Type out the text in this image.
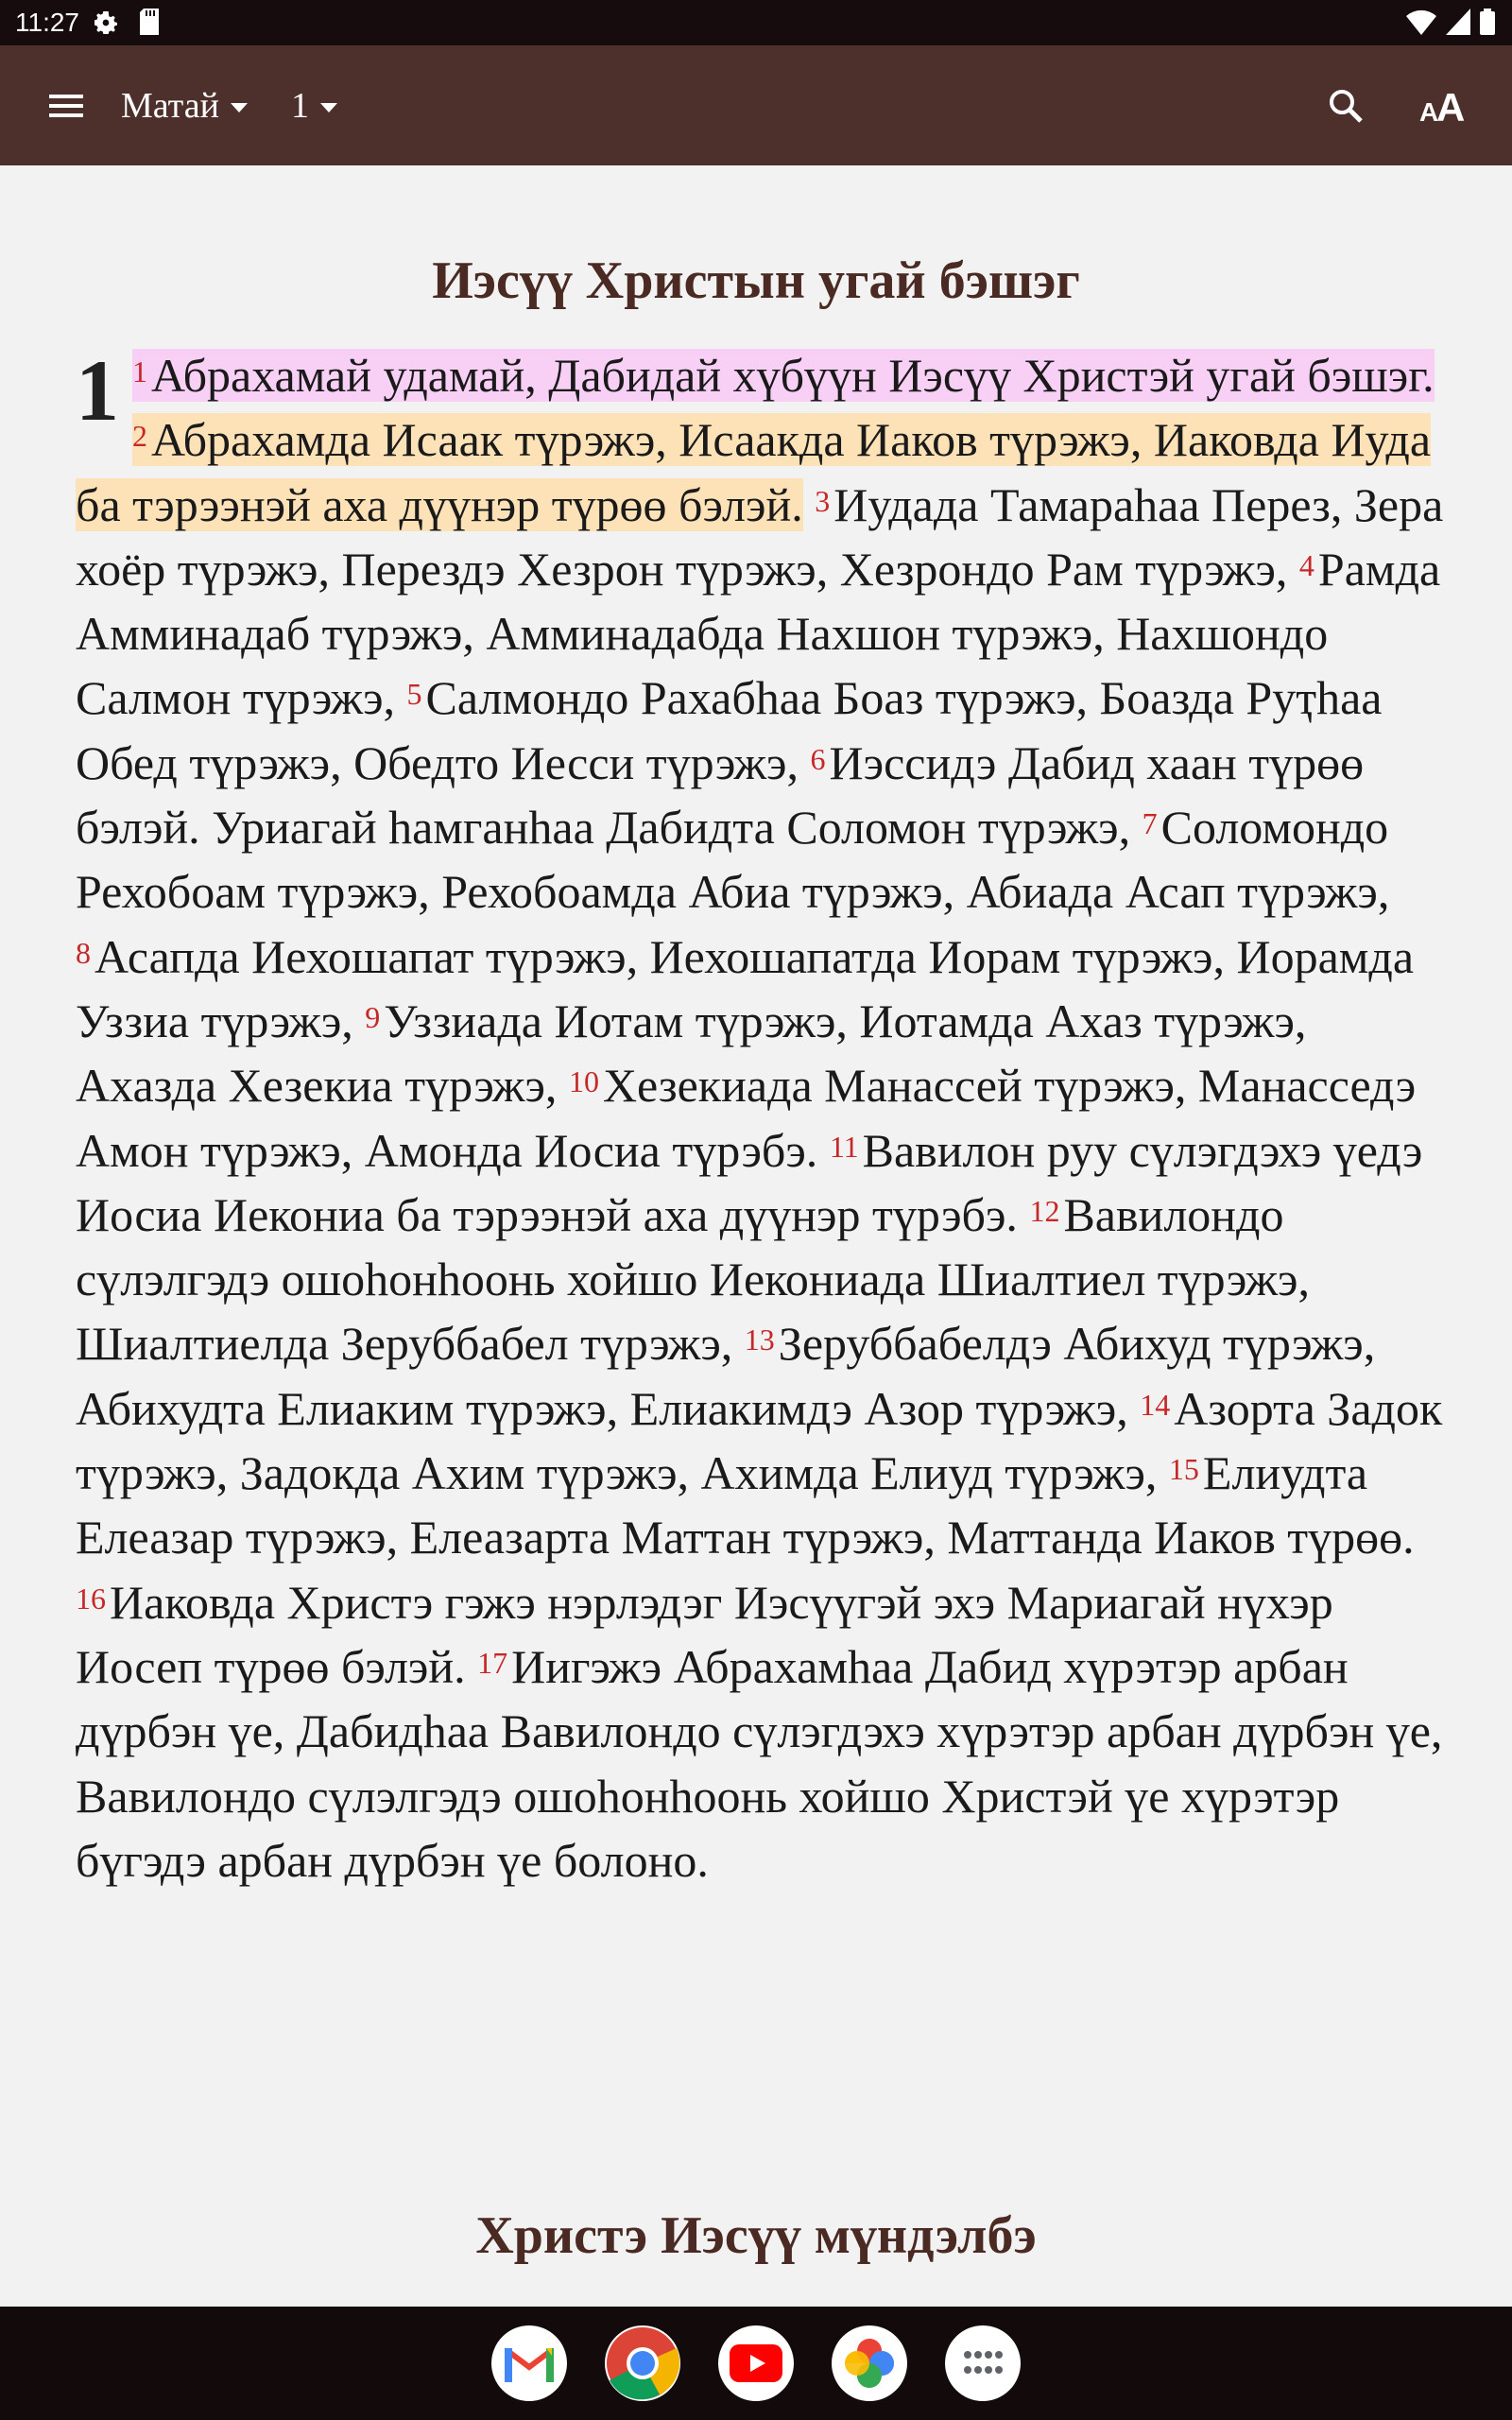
11:27
Матай 1	A
A
Иэсүү Христын угай бэшэг
1 $^1$Абрахамай удамай, Дабидай хүбүүн Иэсүү Христэй угай бэшэг. $^2$Абрахамда Исаак түрэжэ, Исаакда Иаков түрэжэ, Иаковда Иуда ба тэрээнэй аха дүүнэр түрөө бэлэй. $^3$Иудада Тамараһаа Перез, Зера хоёр түрэжэ, Перездэ Хезрон түрэжэ, Хезрондо Рам түрэжэ, $^4$Рамда Амминадаб түрэжэ, Амминадабда Нахшон түрэжэ, Нахшондо Салмон түрэжэ, $^5$Салмондо Рахабһаа Боаз түрэжэ, Боазда Руҭһаа Обед түрэжэ, Обедто Иесси түрэжэ, $^6$Иэссидэ Дабид хаан түрөө бэлэй. Уриагай һамганһаа Дабидта Соломон түрэжэ, $^7$Соломондо Рехобоам түрэжэ, Рехобоамда Абиа түрэжэ, Абиада Асап түрэжэ, $^8$Асапда Иехошапат түрэжэ, Иехошапатда Иорам түрэжэ, Иорамда Уззиа түрэжэ, $^9$Уззиада Иотам түрэжэ, Иотамда Ахаз түрэжэ, Ахазда Хезекиа түрэжэ, $^{10}$Хезекиада Манассей түрэжэ, Манасседэ Амон түрэжэ, Амонда Иосиа түрэбэ. $^{11}$Вавилон руу сүлэгдэхэ үедэ Иосиа Иекониа ба тэрээнэй аха дүүнэр түрэбэ. $^{12}$Вавилондо сүлэлгэдэ ошоһонһоонь хойшо Иекониада Шиалтиел түрэжэ, Шиалтиелда Зеруббабел түрэжэ, $^{13}$Зеруббабелдэ Абихуд түрэжэ, Абихудта Елиаким түрэжэ, Елиакимдэ Азор түрэжэ, $^{14}$Азорта Задок түрэжэ, Задокда Ахим түрэжэ, Ахимда Елиуд түрэжэ, $^{15}$Елиудта Елеазар түрэжэ, Елеазарта Маттан түрэжэ, Маттанда Иаков түрөө. $^{16}$Иаковда Христэ гэжэ нэрлэдэг Иэсүүгэй эхэ Мариагай нүхэр Иосеп түрөө бэлэй. $^{17}$Иигэжэ Абрахамһаа Дабид хүрэтэр арбан дүрбэн үе, Дабидһаа Вавилондо сүлэгдэхэ хүрэтэр арбан дүрбэн үе, Вавилондо сүлэлгэдэ ошоһонһоонь хойшо Христэй үе хүрэтэр бүгэдэ арбан дүрбэн үе болоно.
Христэ Иэсүү мүндэлбэ
